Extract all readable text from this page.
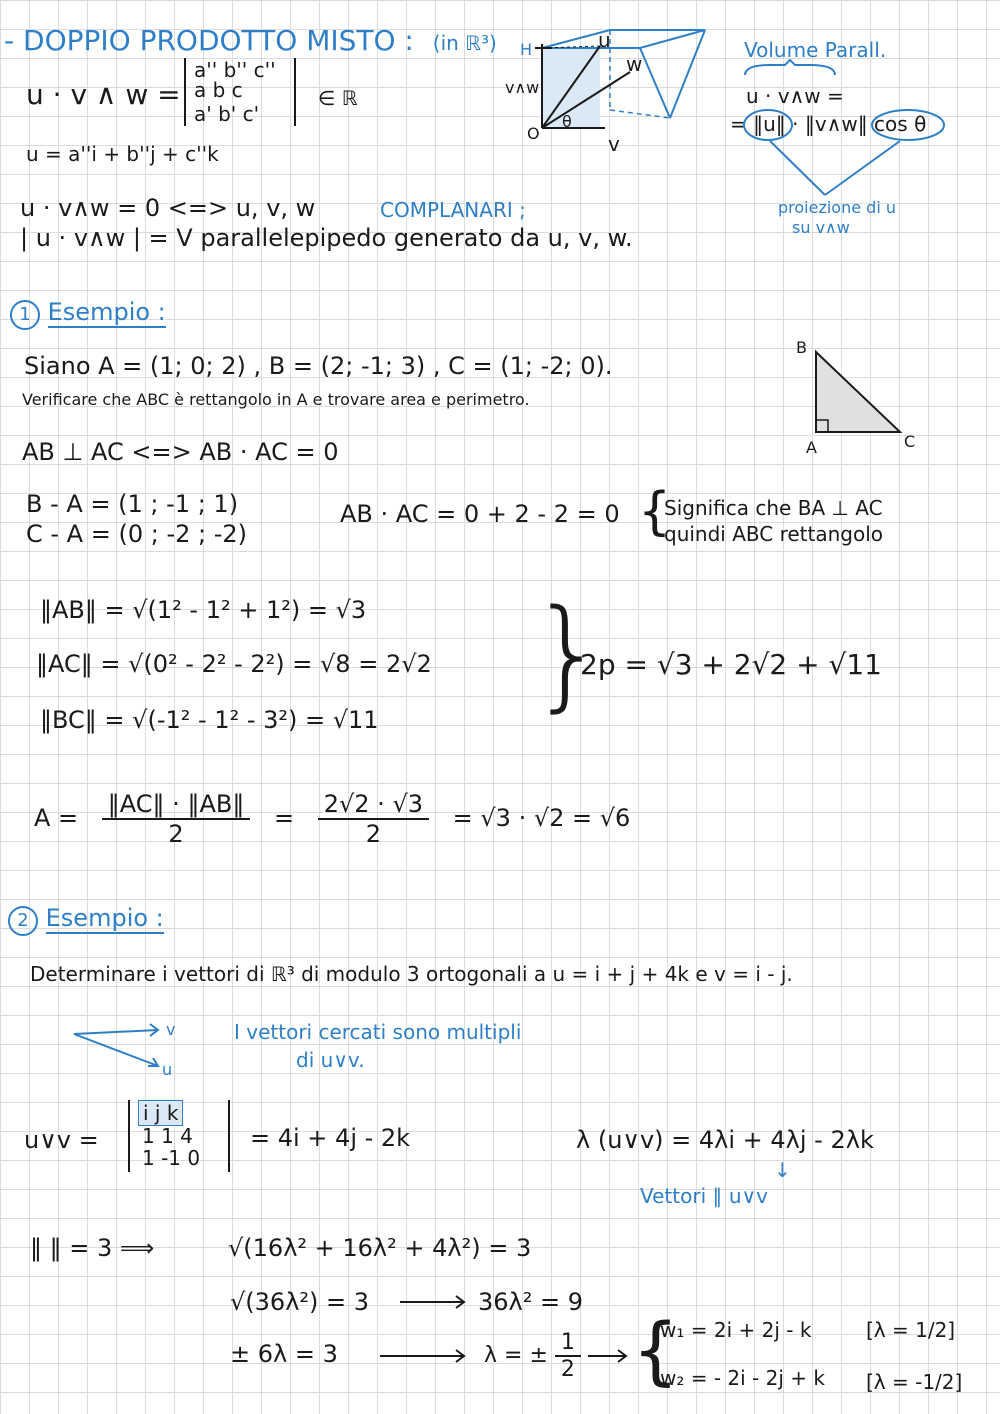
- DOPPIO PRODOTTO MISTO : (in ℝ³)
u · v ∧ w =
a'' b'' c''
a b c
a' b' c'
∈ ℝ
u = a''i + b''j + c''k
u · v∧w = 0 <=> u, v, w	COMPLANARI ;
| u · v∧w | = V parallelepipedo generato da u, v, w.
H	u
w
v∧w
O
θ
v
Volume Parall.
u · v∧w =
= ‖u‖ · ‖v∧w‖ cos θ
proiezione di u
su v∧w
1 Esempio :
Siano A = (1; 0; 2) , B = (2; -1; 3) , C = (1; -2; 0).
Verificare che ABC è rettangolo in A e trovare area e perimetro.
B
A	C
AB ⊥ AC <=> AB · AC = 0
B - A = (1 ; -1 ; 1)
C - A = (0 ; -2 ; -2)
AB · AC = 0 + 2 - 2 = 0 {
Significa che BA ⊥ AC
quindi ABC rettangolo
‖AB‖ = √(1² - 1² + 1²) = √3
‖AC‖ = √(0² - 2² - 2²) = √8 = 2√2
‖BC‖ = √(-1² - 1² - 3²) = √11 }
2p = √3 + 2√2 + √11
$A = \frac{‖AC‖ \cdot ‖AB‖}{2} = \frac{2√2 \cdot √3}{2} = √3 \cdot √2 = √6$
2 Esempio :
Determinare i vettori di ℝ³ di modulo 3 ortogonali a u = i + j + 4k e v = i - j.
v
u
I vettori cercati sono multipli
di u∨v.
u∨v =
i j k
1 1 4
1 -1 0
= 4i + 4j - 2k	λ (u∨v) = 4λi + 4λj - 2λk
↓
Vettori ∥ u∨v
‖ ‖ = 3 ⟹	√(16λ² + 16λ² + 4λ²) = 3
√(36λ²) = 3	36λ² = 9
± 6λ = 3	λ = ± $\frac{1}{2}$ {
w₁ = 2i + 2j - k	[λ = 1/2]
w₂ = - 2i - 2j + k [λ = -1/2]
